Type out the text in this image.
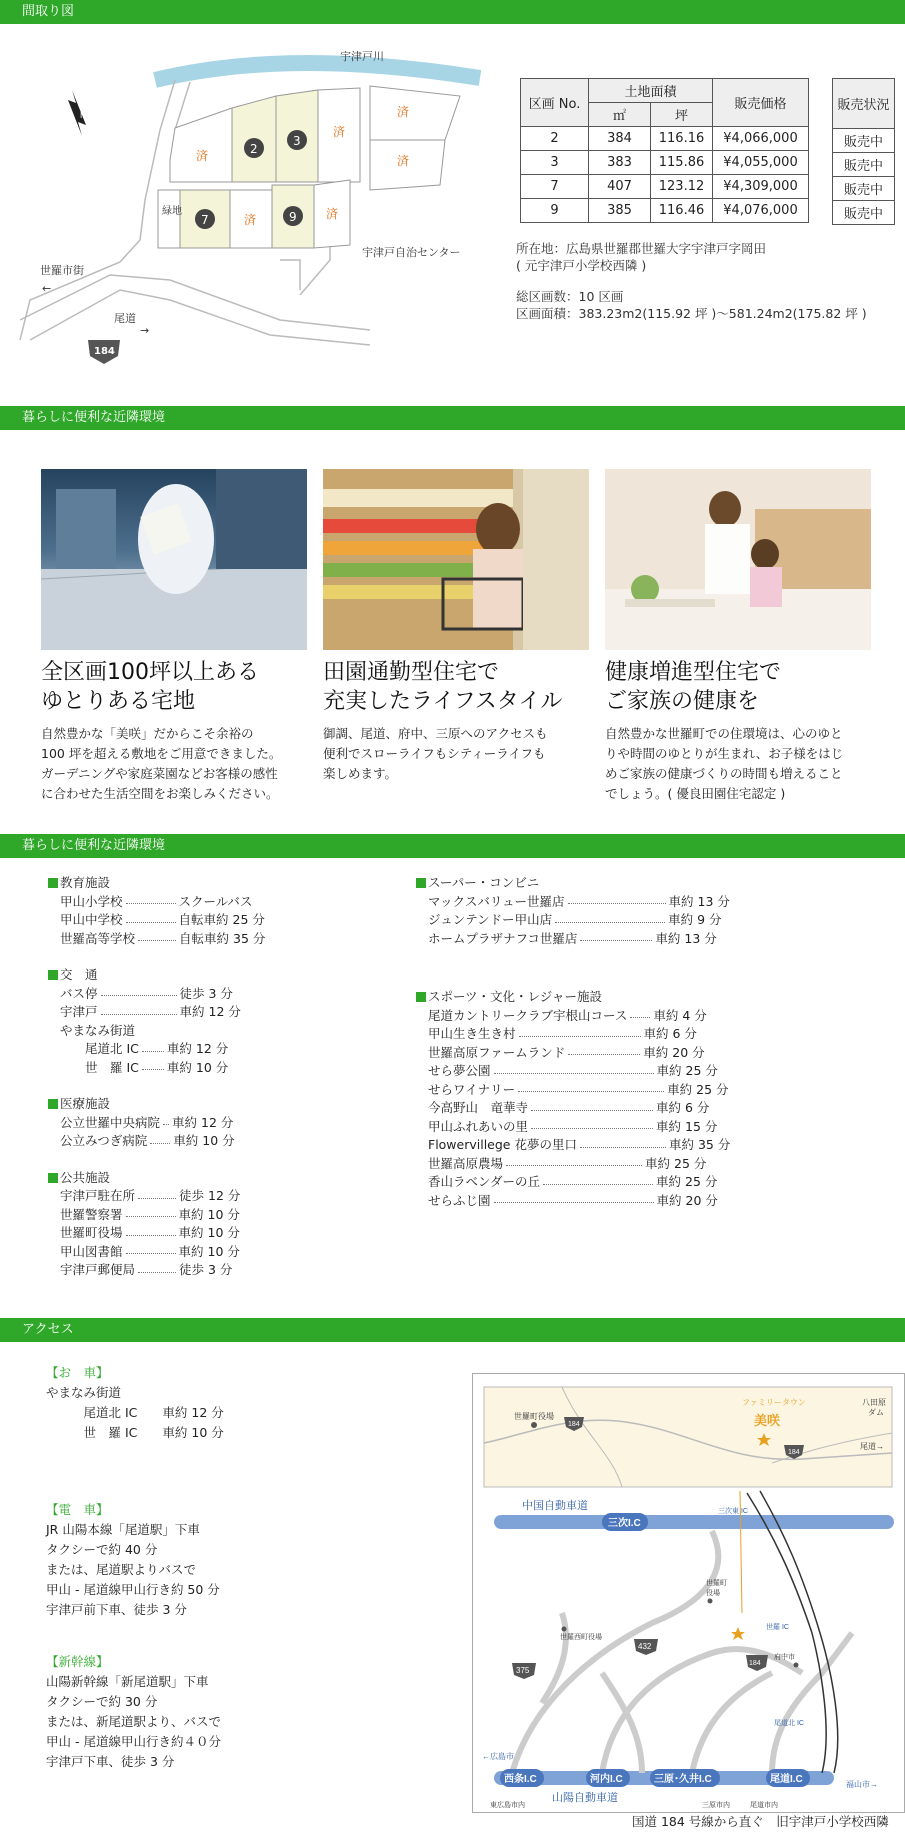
間取り図
N
宇津戸川
済	2
3
済
済
済
緑地
7	済	9 済
宇津戸自治センター
世羅市街
←
尾道
→
184
区画 No.	土地面積		販売価格
	㎡	坪	
2	384	116.16	¥4,066,000
3	383	115.86	¥4,055,000
7	407	123.12	¥4,309,000
9	385	116.46	¥4,076,000
販売状況
販売中
販売中
販売中
販売中
所在地：広島県世羅郡世羅大字宇津戸字岡田
( 元宇津戸小学校西隣 )
総区画数：10 区画
区画面積：383.23m2(115.92 坪 )〜581.24m2(175.82 坪 )
暮らしに便利な近隣環境
全区画100坪以上ある
ゆとりある宅地
田園通勤型住宅で
充実したライフスタイル
健康増進型住宅で
ご家族の健康を
自然豊かな「美咲」だからこそ余裕の
100 坪を超える敷地をご用意できました。
ガーデニングや家庭菜園などお客様の感性
に合わせた生活空間をお楽しみください。
御調、尾道、府中、三原へのアクセスも
便利でスローライフもシティーライフも
楽しめます。
自然豊かな世羅町での住環境は、心のゆと
りや時間のゆとりが生まれ、お子様をはじ
めご家族の健康づくりの時間も増えること
でしょう。( 優良田園住宅認定 )
暮らしに便利な近隣環境
教育施設
甲山小学校	スクールバス
甲山中学校	自転車約 25 分
世羅高等学校	自転車約 35 分
交　通
バス停	徒歩 3 分
宇津戸	車約 12 分
やまなみ街道
　　尾道北 IC 車約 12 分
　　世　羅 IC 車約 10 分
医療施設
公立世羅中央病院 車約 12 分
公立みつぎ病院 車約 10 分
公共施設
宇津戸駐在所	徒歩 12 分
世羅警察署	車約 10 分
世羅町役場	車約 10 分
甲山図書館	車約 10 分
宇津戸郵便局	徒歩 3 分
スーパー・コンビニ
マックスバリュー世羅店	車約 13 分
ジュンテンドー甲山店	車約 9 分
ホームプラザナフコ世羅店	車約 13 分
スポーツ・文化・レジャー施設
尾道カントリークラブ宇根山コース 車約 4 分
甲山生き生き村	車約 6 分
世羅高原ファームランド	車約 20 分
せら夢公園	車約 25 分
せらワイナリー	車約 25 分
今高野山　竜華寺	車約 6 分
甲山ふれあいの里	車約 15 分
Flowervillege 花夢の里口	車約 35 分
世羅高原農場	車約 25 分
香山ラベンダーの丘	車約 25 分
せらふじ園	車約 20 分
アクセス
【お　車】
やまなみ街道
　　　尾道北 IC　　車約 12 分
　　　世　羅 IC　　車約 10 分
【電　車】
JR 山陽本線「尾道駅」下車
タクシーで約 40 分
または、尾道駅よりバスで
甲山 - 尾道線甲山行き約 50 分
宇津戸前下車、徒歩 3 分
【新幹線】
山陽新幹線「新尾道駅」下車
タクシーで約 30 分
または、新尾道駅より、バスで
甲山 - 尾道線甲山行き約４０分
宇津戸下車、徒歩 3 分
世羅町役場
184
ファミリータウン
美咲
184
八田原
ダム
尾道→
中国自動車道
三次I.C
三次東 IC
山陽自動車道
世羅町
役場
世羅西町役場
世羅 IC
432
375
184
府中市
尾道北 IC
←広島市
西条I.C	河内I.C	三原･久井I.C	尾道I.C	福山市→
東広島市内	三原市内	尾道市内
国道 184 号線から直ぐ　旧宇津戸小学校西隣
